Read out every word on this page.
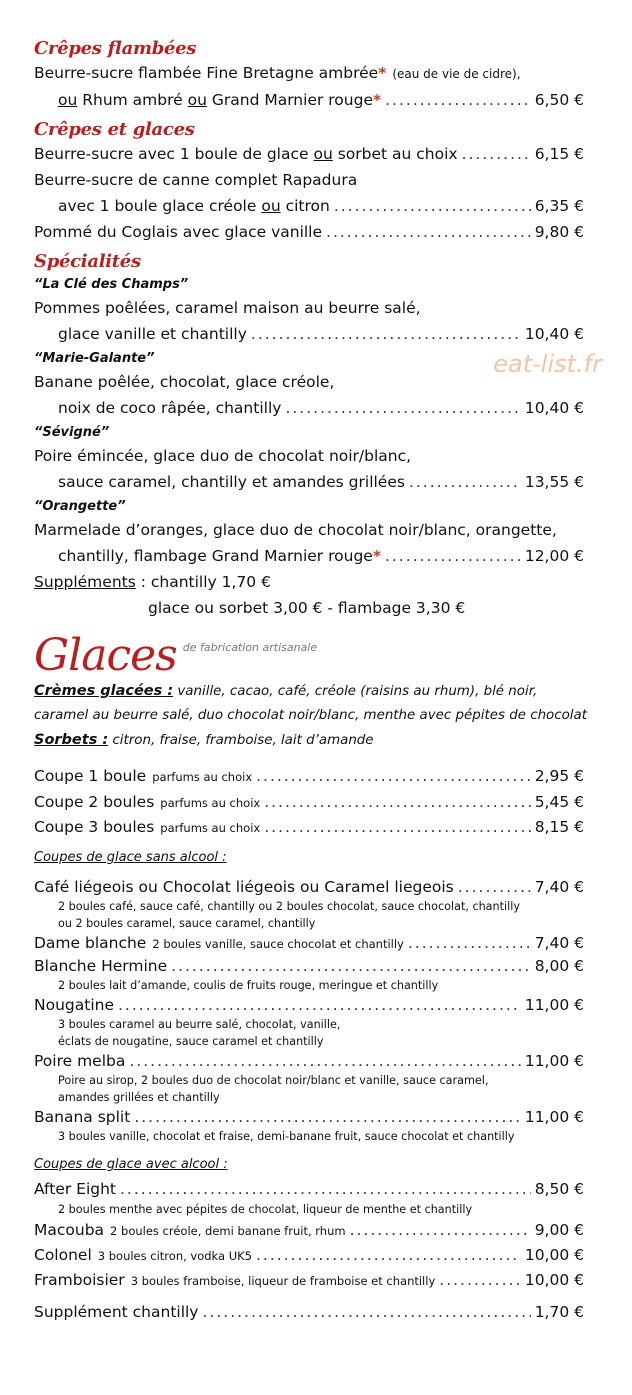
eat-list.fr
Crêpes flambées
Beurre-sucre flambée Fine Bretagne ambrée * (eau de vie de cidre),
ou Rhum ambré ou Grand Marnier rouge * .....	6,50 €
Crêpes et glaces
Beurre-sucre avec 1 boule de glace ou sorbet au choix .....	6,15 €
Beurre-sucre de canne complet Rapadura
avec 1 boule glace créole ou citron .....	6,35 €
Pommé du Coglais avec glace vanille .....	9,80 €
Spécialités
“La Clé des Champs”
Pommes poêlées, caramel maison au beurre salé,
glace vanille et chantilly .....	10,40 €
“Marie-Galante”
Banane poêlée, chocolat, glace créole,
noix de coco râpée, chantilly .....	10,40 €
“Sévigné”
Poire émincée, glace duo de chocolat noir/blanc,
sauce caramel, chantilly et amandes grillées .....	13,55 €
“Orangette”
Marmelade d’oranges, glace duo de chocolat noir/blanc, orangette,
chantilly, flambage Grand Marnier rouge * .....	12,00 €
Suppléments : chantilly 1,70 €
glace ou sorbet 3,00 € - flambage 3,30 €
Glaces de fabrication artisanale
Crèmes glacées : vanille, cacao, café, créole (raisins au rhum), blé noir,
caramel au beurre salé, duo chocolat noir/blanc, menthe avec pépites de chocolat
Sorbets : citron, fraise, framboise, lait d’amande
Coupe 1 boule parfums au choix .....	2,95 €
Coupe 2 boules parfums au choix .....	5,45 €
Coupe 3 boules parfums au choix .....	8,15 €
Coupes de glace sans alcool :
Café liégeois ou Chocolat liégeois ou Caramel liegeois .....	7,40 €
2 boules café, sauce café, chantilly ou 2 boules chocolat, sauce chocolat, chantilly
ou 2 boules caramel, sauce caramel, chantilly
Dame blanche 2 boules vanille, sauce chocolat et chantilly .....	7,40 €
Blanche Hermine .....	8,00 €
2 boules lait d’amande, coulis de fruits rouge, meringue et chantilly
Nougatine .....	11,00 €
3 boules caramel au beurre salé, chocolat, vanille,
éclats de nougatine, sauce caramel et chantilly
Poire melba .....	11,00 €
Poire au sirop, 2 boules duo de chocolat noir/blanc et vanille, sauce caramel,
amandes grillées et chantilly
Banana split .....	11,00 €
3 boules vanille, chocolat et fraise, demi-banane fruit, sauce chocolat et chantilly
Coupes de glace avec alcool :
After Eight .....	8,50 €
2 boules menthe avec pépites de chocolat, liqueur de menthe et chantilly
Macouba 2 boules créole, demi banane fruit, rhum .....	9,00 €
Colonel 3 boules citron, vodka UK5 .....	10,00 €
Framboisier 3 boules framboise, liqueur de framboise et chantilly .....	10,00 €
Supplément chantilly .....	1,70 €
